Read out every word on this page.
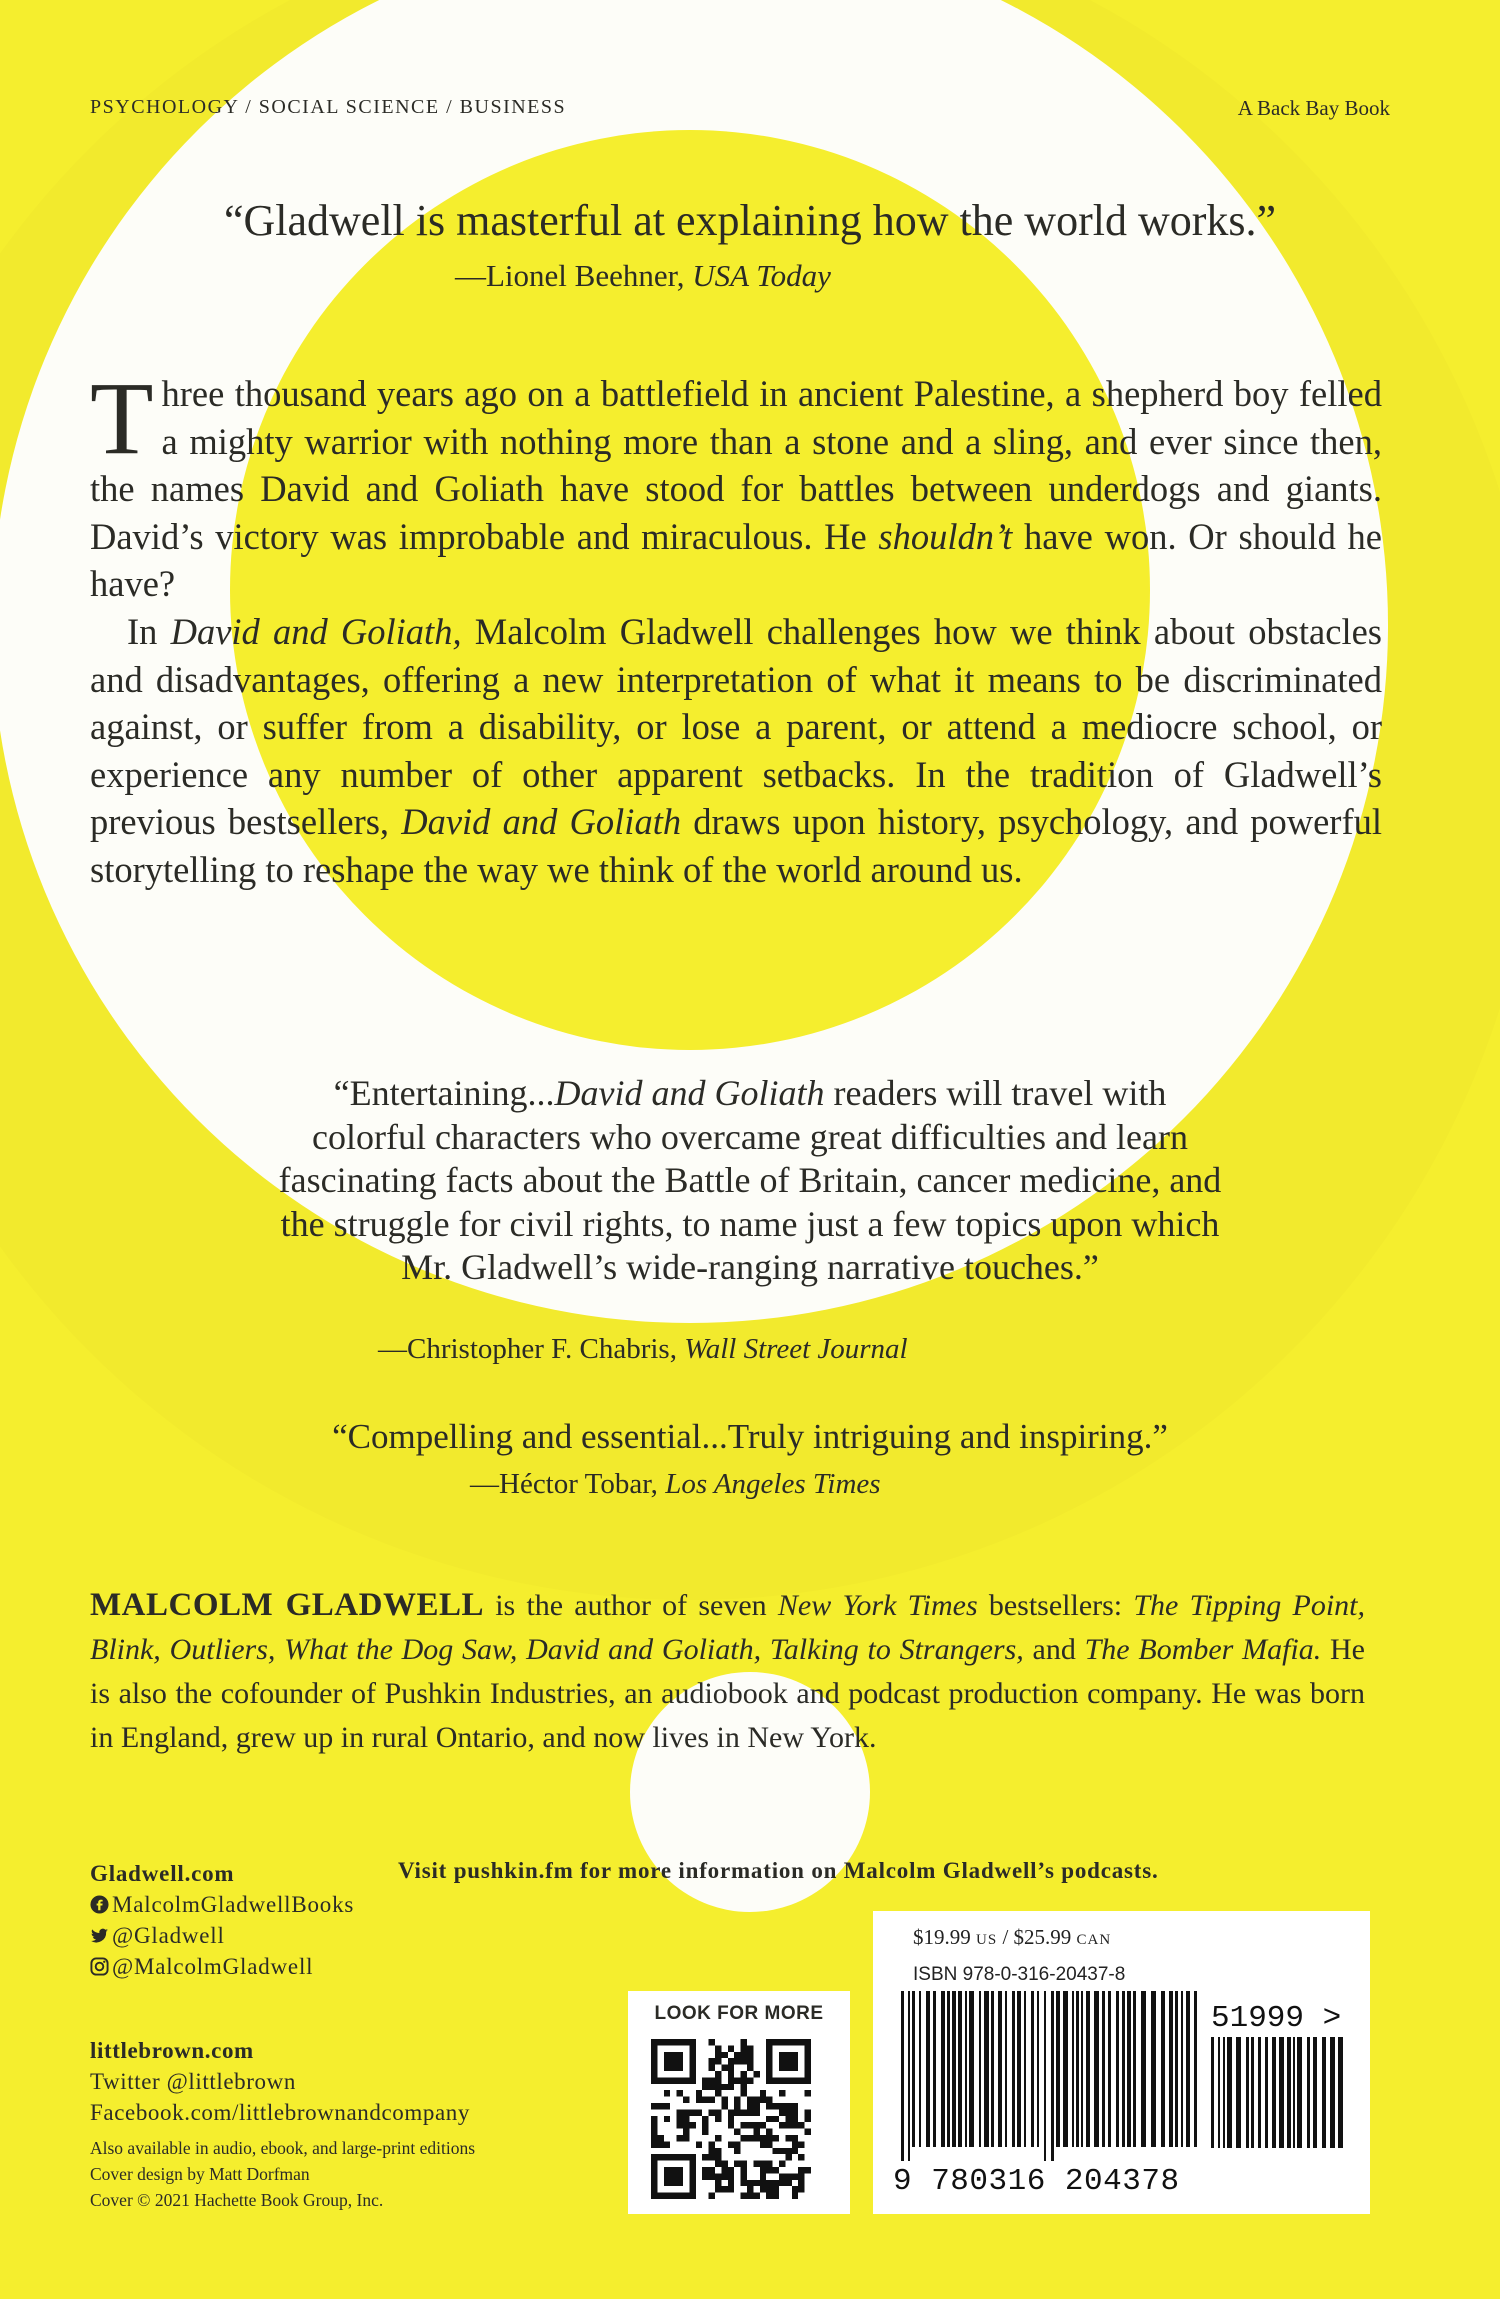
PSYCHOLOGY / SOCIAL SCIENCE / BUSINESS	A Back Bay Book
“Gladwell is masterful at explaining how the world works.”
—Lionel Beehner, USA Today

Three thousand years ago on a battlefield in ancient Palestine, a shepherd boy felled a mighty warrior with nothing more than a stone and a sling, and ever since then, the names David and Goliath have stood for battles between underdogs and giants. David’s victory was improbable and miraculous. He shouldn’t have won. Or should he have?

In David and Goliath, Malcolm Gladwell challenges how we think about obstacles and disadvantages, offering a new interpretation of what it means to be discriminated against, or suffer from a disability, or lose a parent, or attend a mediocre school, or experience any number of other apparent setbacks. In the tradition of Gladwell’s previous bestsellers, David and Goliath draws upon history, psychology, and powerful storytelling to reshape the way we think of the world around us.

“Entertaining...David and Goliath readers will travel with
colorful characters who overcame great difficulties and learn
fascinating facts about the Battle of Britain, cancer medicine, and
the struggle for civil rights, to name just a few topics upon which
Mr. Gladwell’s wide-ranging narrative touches.”
—Christopher F. Chabris, Wall Street Journal
“Compelling and essential...Truly intriguing and inspiring.”
—Héctor Tobar, Los Angeles Times
MALCOLM GLADWELL is the author of seven New York Times bestsellers: The Tipping Point, Blink, Outliers, What the Dog Saw, David and Goliath, Talking to Strangers, and The Bomber Mafia. He is also the cofounder of Pushkin Industries, an audiobook and podcast production company. He was born in England, grew up in rural Ontario, and now lives in New York.
Gladwell.com
MalcolmGladwellBooks
@Gladwell
@MalcolmGladwell
Visit pushkin.fm for more information on Malcolm Gladwell’s podcasts.
littlebrown.com
Twitter @littlebrown
Facebook.com/littlebrownandcompany
Also available in audio, ebook, and large-print editions
Cover design by Matt Dorfman
Cover © 2021 Hachette Book Group, Inc.
LOOK FOR MORE
$19.99 US / $25.99 CAN
ISBN 978-0-316-20437-8
51999 >
9 780316 204378
